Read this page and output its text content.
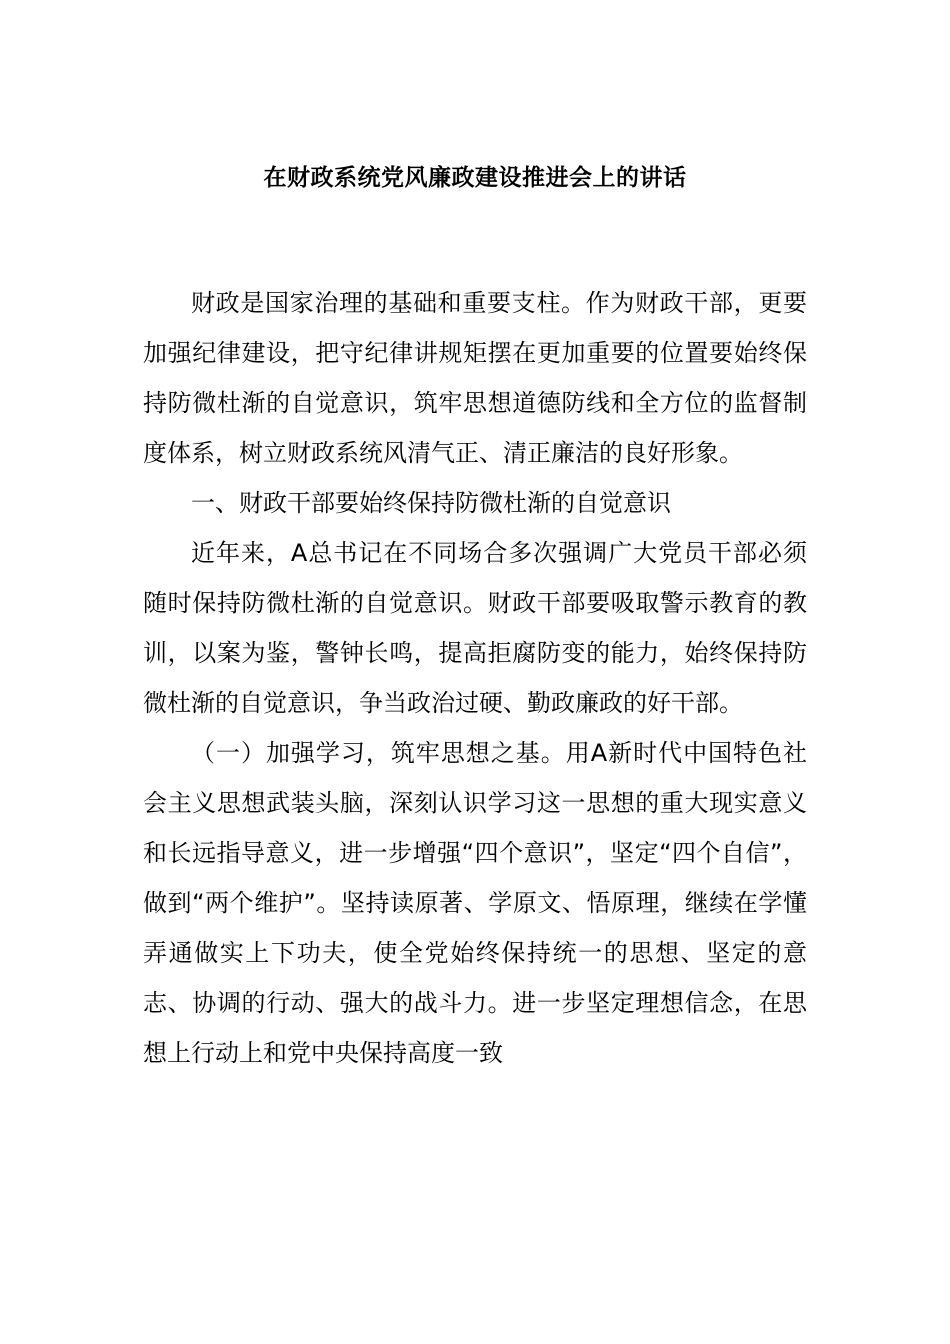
在财政系统党风廉政建设推进会上的讲话

财政是国家治理的基础和重要支柱。作为财政干部，更要加强纪律建设，把守纪律讲规矩摆在更加重要的位置要始终保持防微杜渐的自觉意识，筑牢思想道德防线和全方位的监督制度体系，树立财政系统风清气正、清正廉洁的良好形象。

一、财政干部要始终保持防微杜渐的自觉意识

近年来，A总书记在不同场合多次强调广大党员干部必须随时保持防微杜渐的自觉意识。财政干部要吸取警示教育的教训，以案为鉴，警钟长鸣，提高拒腐防变的能力，始终保持防微杜渐的自觉意识，争当政治过硬、勤政廉政的好干部。

（一）加强学习，筑牢思想之基。用A新时代中国特色社会主义思想武装头脑，深刻认识学习这一思想的重大现实意义和长远指导意义，进一步增强“四个意识”，坚定“四个自信”，做到“两个维护”。坚持读原著、学原文、悟原理，继续在学懂弄通做实上下功夫，使全党始终保持统一的思想、坚定的意志、协调的行动、强大的战斗力。进一步坚定理想信念，在思想上行动上和党中央保持高度一致
